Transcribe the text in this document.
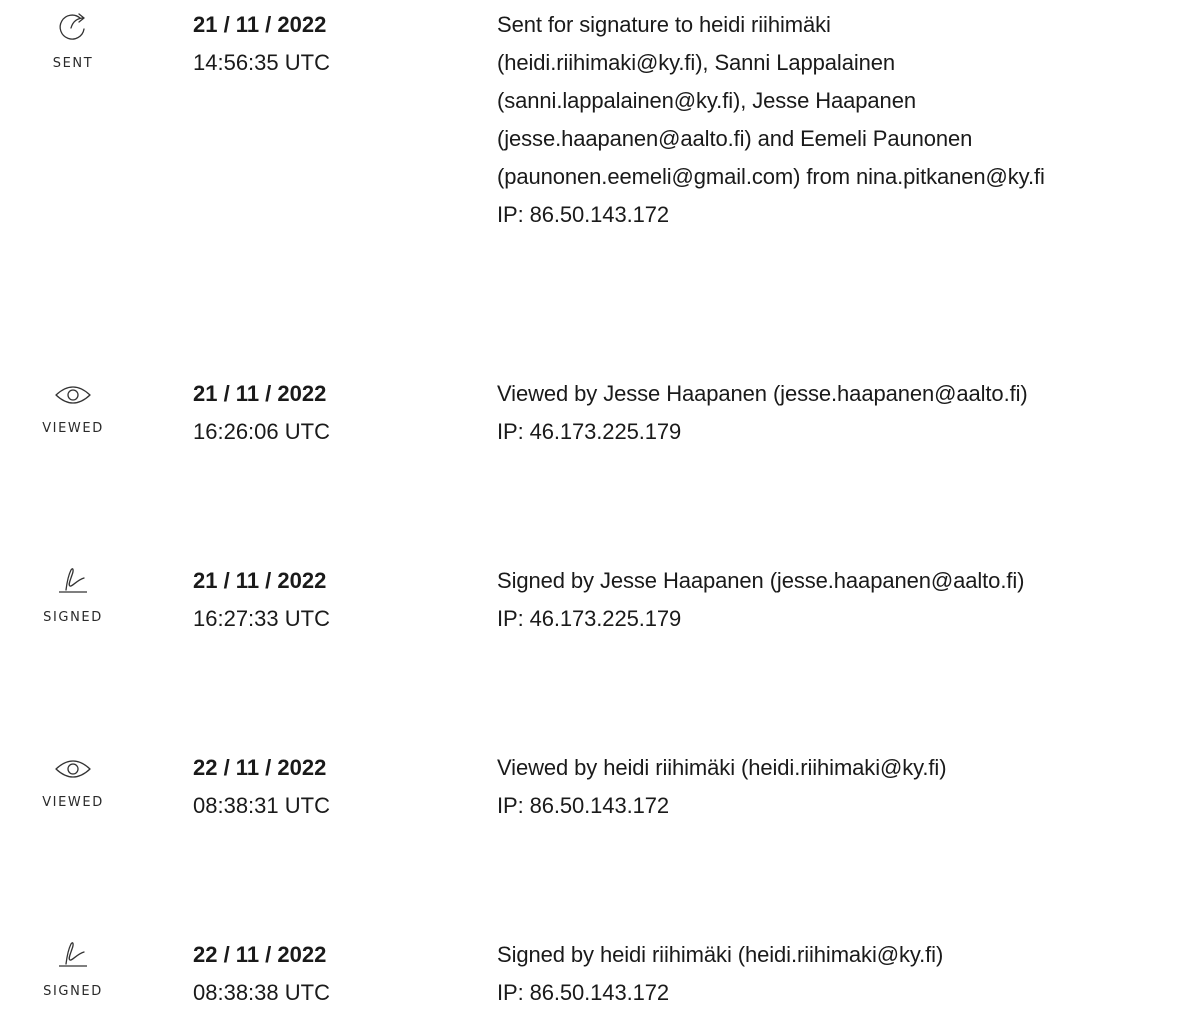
SENT
21 / 11 / 2022
14:56:35 UTC
Sent for signature to heidi riihimäki
(heidi.riihimaki@ky.fi), Sanni Lappalainen
(sanni.lappalainen@ky.fi), Jesse Haapanen
(jesse.haapanen@aalto.fi) and Eemeli Paunonen
(paunonen.eemeli@gmail.com) from nina.pitkanen@ky.fi
IP: 86.50.143.172
VIEWED
21 / 11 / 2022
16:26:06 UTC
Viewed by Jesse Haapanen (jesse.haapanen@aalto.fi)
IP: 46.173.225.179
SIGNED
21 / 11 / 2022
16:27:33 UTC
Signed by Jesse Haapanen (jesse.haapanen@aalto.fi)
IP: 46.173.225.179
VIEWED
22 / 11 / 2022
08:38:31 UTC
Viewed by heidi riihimäki (heidi.riihimaki@ky.fi)
IP: 86.50.143.172
SIGNED
22 / 11 / 2022
08:38:38 UTC
Signed by heidi riihimäki (heidi.riihimaki@ky.fi)
IP: 86.50.143.172
